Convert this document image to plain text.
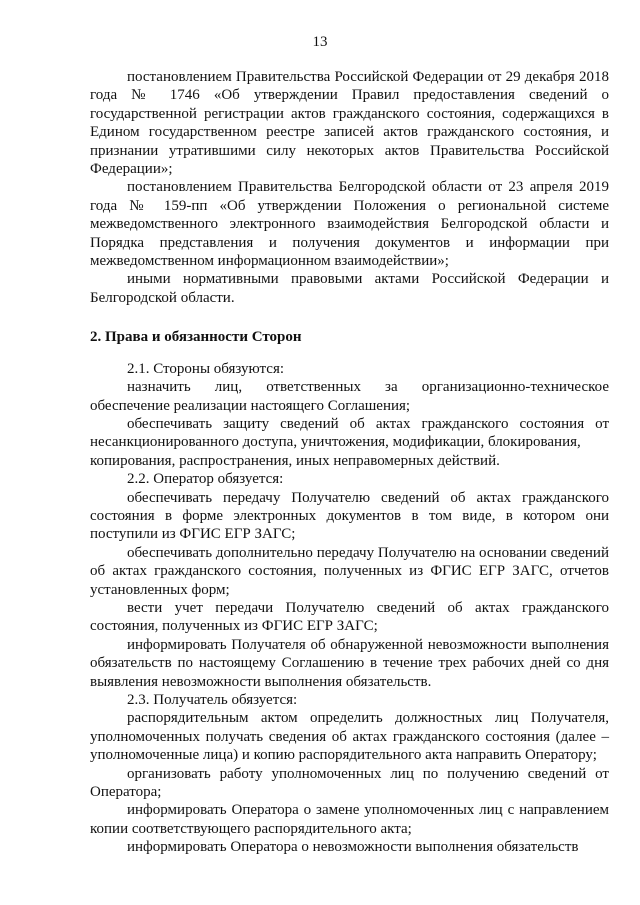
13

постановлением Правительства Российской Федерации от 29 декабря 2018 года № 1746 «Об утверждении Правил предоставления сведений о государственной регистрации актов гражданского состояния, содержащихся в Едином государственном реестре записей актов гражданского состояния, и признании утратившими силу некоторых актов Правительства Российской Федерации»;

постановлением Правительства Белгородской области от 23 апреля 2019 года № 159-пп «Об утверждении Положения о региональной системе межведомственного электронного взаимодействия Белгородской области и Порядка представления и получения документов и информации при межведомственном информационном взаимодействии»;

иными нормативными правовыми актами Российской Федерации и Белгородской области.

2. Права и обязанности Сторон

2.1. Стороны обязуются:

назначить лиц, ответственных за организационно-техническое обеспечение реализации настоящего Соглашения;

обеспечивать защиту сведений об актах гражданского состояния от несанкционированного доступа, уничтожения, модификации, блокирования,

копирования, распространения, иных неправомерных действий.

2.2. Оператор обязуется:

обеспечивать передачу Получателю сведений об актах гражданского состояния в форме электронных документов в том виде, в котором они поступили из ФГИС ЕГР ЗАГС;

обеспечивать дополнительно передачу Получателю на основании сведений об актах гражданского состояния, полученных из ФГИС ЕГР ЗАГС, отчетов установленных форм;

вести учет передачи Получателю сведений об актах гражданского состояния, полученных из ФГИС ЕГР ЗАГС;

информировать Получателя об обнаруженной невозможности выполнения обязательств по настоящему Соглашению в течение трех рабочих дней со дня выявления невозможности выполнения обязательств.

2.3. Получатель обязуется:

распорядительным актом определить должностных лиц Получателя, уполномоченных получать сведения об актах гражданского состояния (далее – уполномоченные лица) и копию распорядительного акта направить Оператору;

организовать работу уполномоченных лиц по получению сведений от Оператора;

информировать Оператора о замене уполномоченных лиц с направлением копии соответствующего распорядительного акта;

информировать Оператора о невозможности выполнения обязательств
